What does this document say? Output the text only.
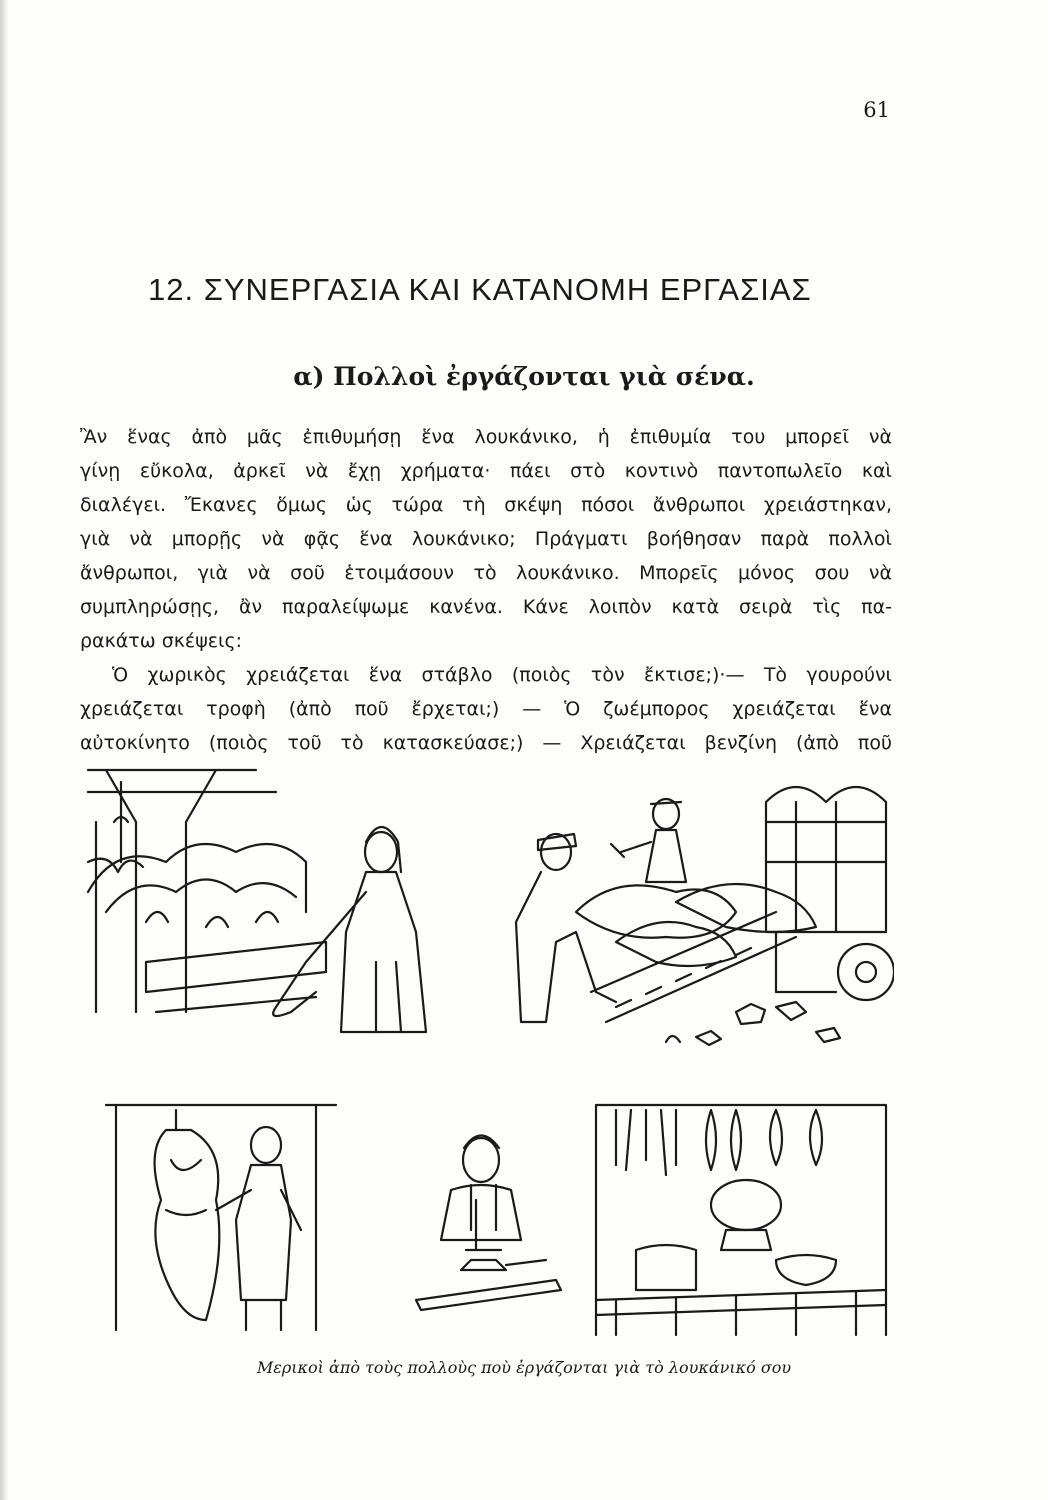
61
12. ΣΥΝΕΡΓΑΣΙΑ ΚΑΙ ΚΑΤΑΝΟΜΗ ΕΡΓΑΣΙΑΣ
α) Πολλοὶ ἐργάζονται γιὰ σένα.
Ἂν ἕνας ἀπὸ μᾶς ἐπιθυμήσῃ ἕνα λουκάνικο, ἡ ἐπιθυμία του μπορεῖ νὰ
γίνῃ εὔκολα, ἀρκεῖ νὰ ἔχῃ χρήματα· πάει στὸ κοντινὸ παντοπωλεῖο καὶ
διαλέγει. Ἔκανες ὅμως ὡς τώρα τὴ σκέψη πόσοι ἄνθρωποι χρειάστηκαν,
γιὰ νὰ μπορῇς νὰ φᾷς ἕνα λουκάνικο; Πράγματι βοήθησαν παρὰ πολλοὶ
ἄνθρωποι, γιὰ νὰ σοῦ ἑτοιμάσουν τὸ λουκάνικο. Μπορεῖς μόνος σου νὰ
συμπληρώσῃς, ἂν παραλείψωμε κανένα. Κάνε λοιπὸν κατὰ σειρὰ τὶς πα-
ρακάτω σκέψεις:
Ὁ χωρικὸς χρειάζεται ἕνα στάβλο (ποιὸς τὸν ἔκτισε;)·— Τὸ γουρούνι
χρειάζεται τροφὴ (ἀπὸ ποῦ ἔρχεται;) — Ὁ ζωέμπορος χρειάζεται ἕνα
αὐτοκίνητο (ποιὸς τοῦ τὸ κατασκεύασε;) — Χρειάζεται βενζίνη (ἀπὸ ποῦ
Μερικοὶ ἀπὸ τοὺς πολλοὺς ποὺ ἐργάζονται γιὰ τὸ λουκάνικό σου
